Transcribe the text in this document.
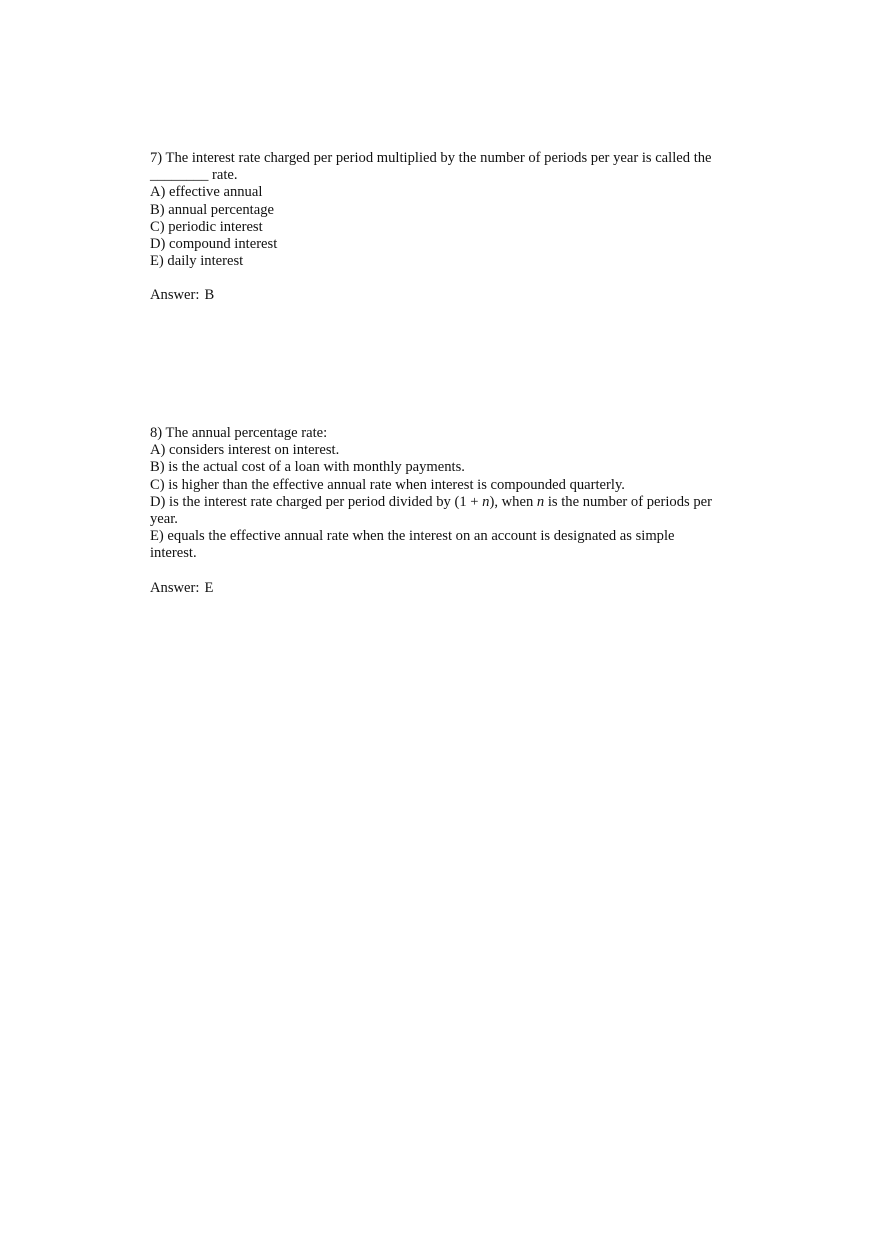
7) The interest rate charged per period multiplied by the number of periods per year is called the
________ rate.
A) effective annual
B) annual percentage
C) periodic interest
D) compound interest
E) daily interest
Answer: B
8) The annual percentage rate:
A) considers interest on interest.
B) is the actual cost of a loan with monthly payments.
C) is higher than the effective annual rate when interest is compounded quarterly.
D) is the interest rate charged per period divided by (1 + n), when n is the number of periods per
year.
E) equals the effective annual rate when the interest on an account is designated as simple
interest.
Answer: E
